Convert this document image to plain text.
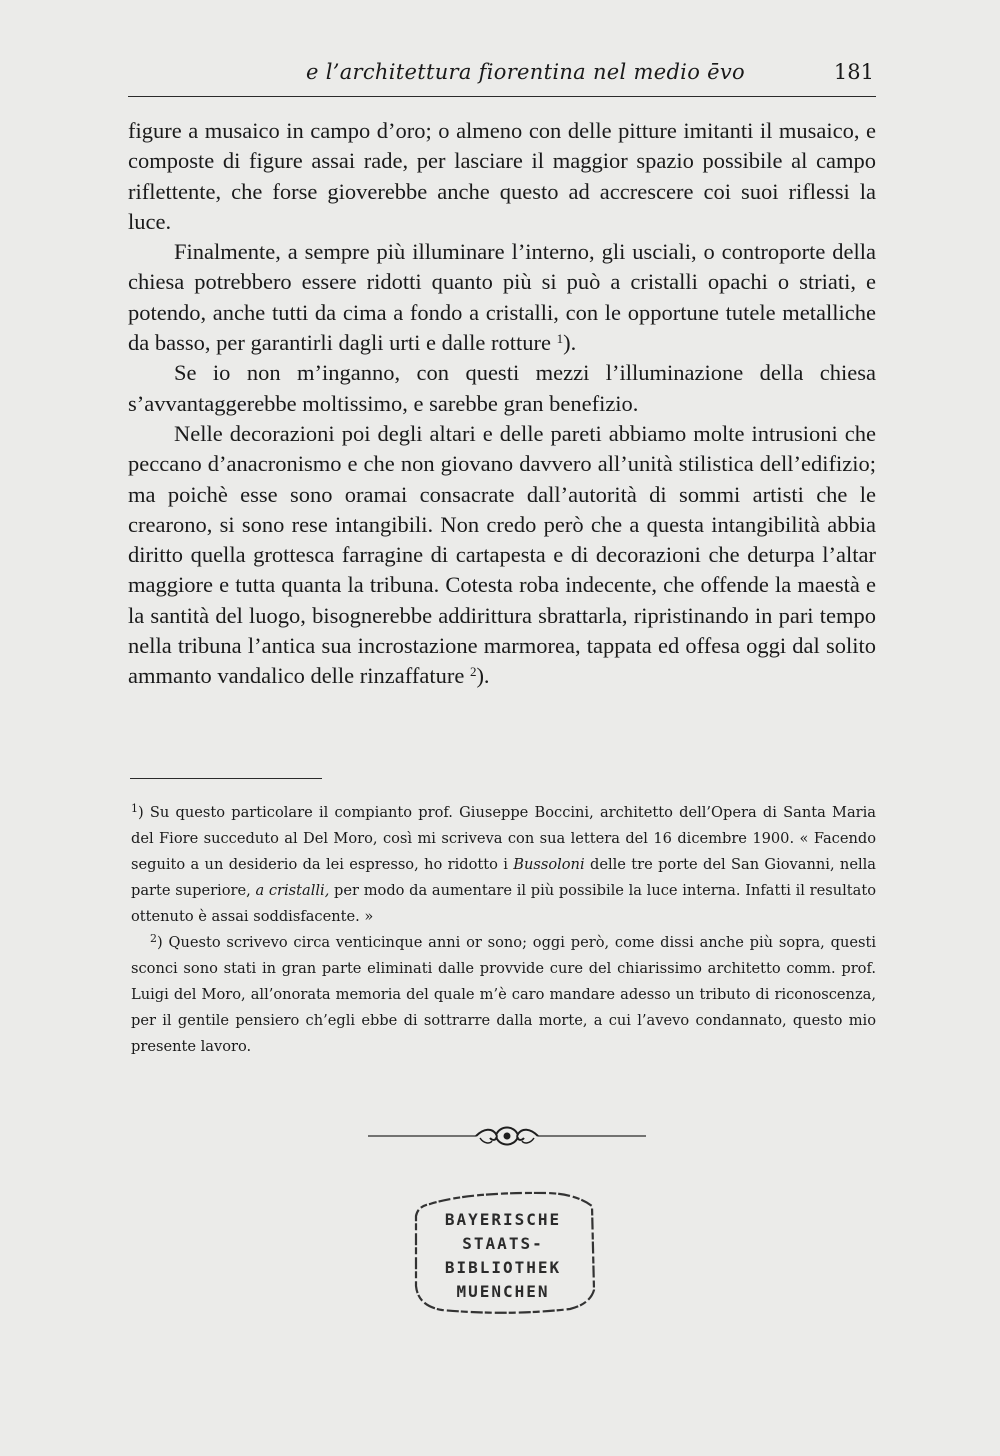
e l’architettura fiorentina nel medio ēvo	181

figure a musaico in campo d’oro; o almeno con delle pitture imitanti il musaico, e composte di figure assai rade, per lasciare il maggior spazio possibile al campo riflettente, che forse gioverebbe anche questo ad accrescere coi suoi riflessi la luce.

Finalmente, a sempre più illuminare l’interno, gli usciali, o controporte della chiesa potrebbero essere ridotti quanto più si può a cristalli opachi o striati, e potendo, anche tutti da cima a fondo a cristalli, con le opportune tutele metalliche da basso, per garantirli dagli urti e dalle rotture $^1$).

Se io non m’inganno, con questi mezzi l’illuminazione della chiesa s’avvantaggerebbe moltissimo, e sarebbe gran benefizio.

Nelle decorazioni poi degli altari e delle pareti abbiamo molte intrusioni che peccano d’anacronismo e che non giovano davvero all’unità stilistica dell’edifizio; ma poichè esse sono oramai consacrate dall’autorità di sommi artisti che le crearono, si sono rese intangibili. Non credo però che a questa intangibilità abbia diritto quella grottesca farragine di cartapesta e di decorazioni che deturpa l’altar maggiore e tutta quanta la tribuna. Cotesta roba indecente, che offende la maestà e la santità del luogo, bisognerebbe addirittura sbrattarla, ripristinando in pari tempo nella tribuna l’antica sua incrostazione marmorea, tappata ed offesa oggi dal solito ammanto vandalico delle rinzaffature $^2$).

$^1$) Su questo particolare il compianto prof. Giuseppe Boccini, architetto dell’Opera di Santa Maria del Fiore succeduto al Del Moro, così mi scriveva con sua lettera del 16 dicembre 1900. « Facendo seguito a un desiderio da lei espresso, ho ridotto i Bussoloni delle tre porte del San Giovanni, nella parte superiore, a cristalli, per modo da aumentare il più possibile la luce interna. Infatti il resultato ottenuto è assai soddisfacente. »

$^2$) Questo scrivevo circa venticinque anni or sono; oggi però, come dissi anche più sopra, questi sconci sono stati in gran parte eliminati dalle provvide cure del chiarissimo architetto comm. prof. Luigi del Moro, all’onorata memoria del quale m’è caro mandare adesso un tributo di riconoscenza, per il gentile pensiero ch’egli ebbe di sottrarre dalla morte, a cui l’avevo condannato, questo mio presente lavoro.

BAYERISCHE
STAATS-
BIBLIOTHEK
MUENCHEN
